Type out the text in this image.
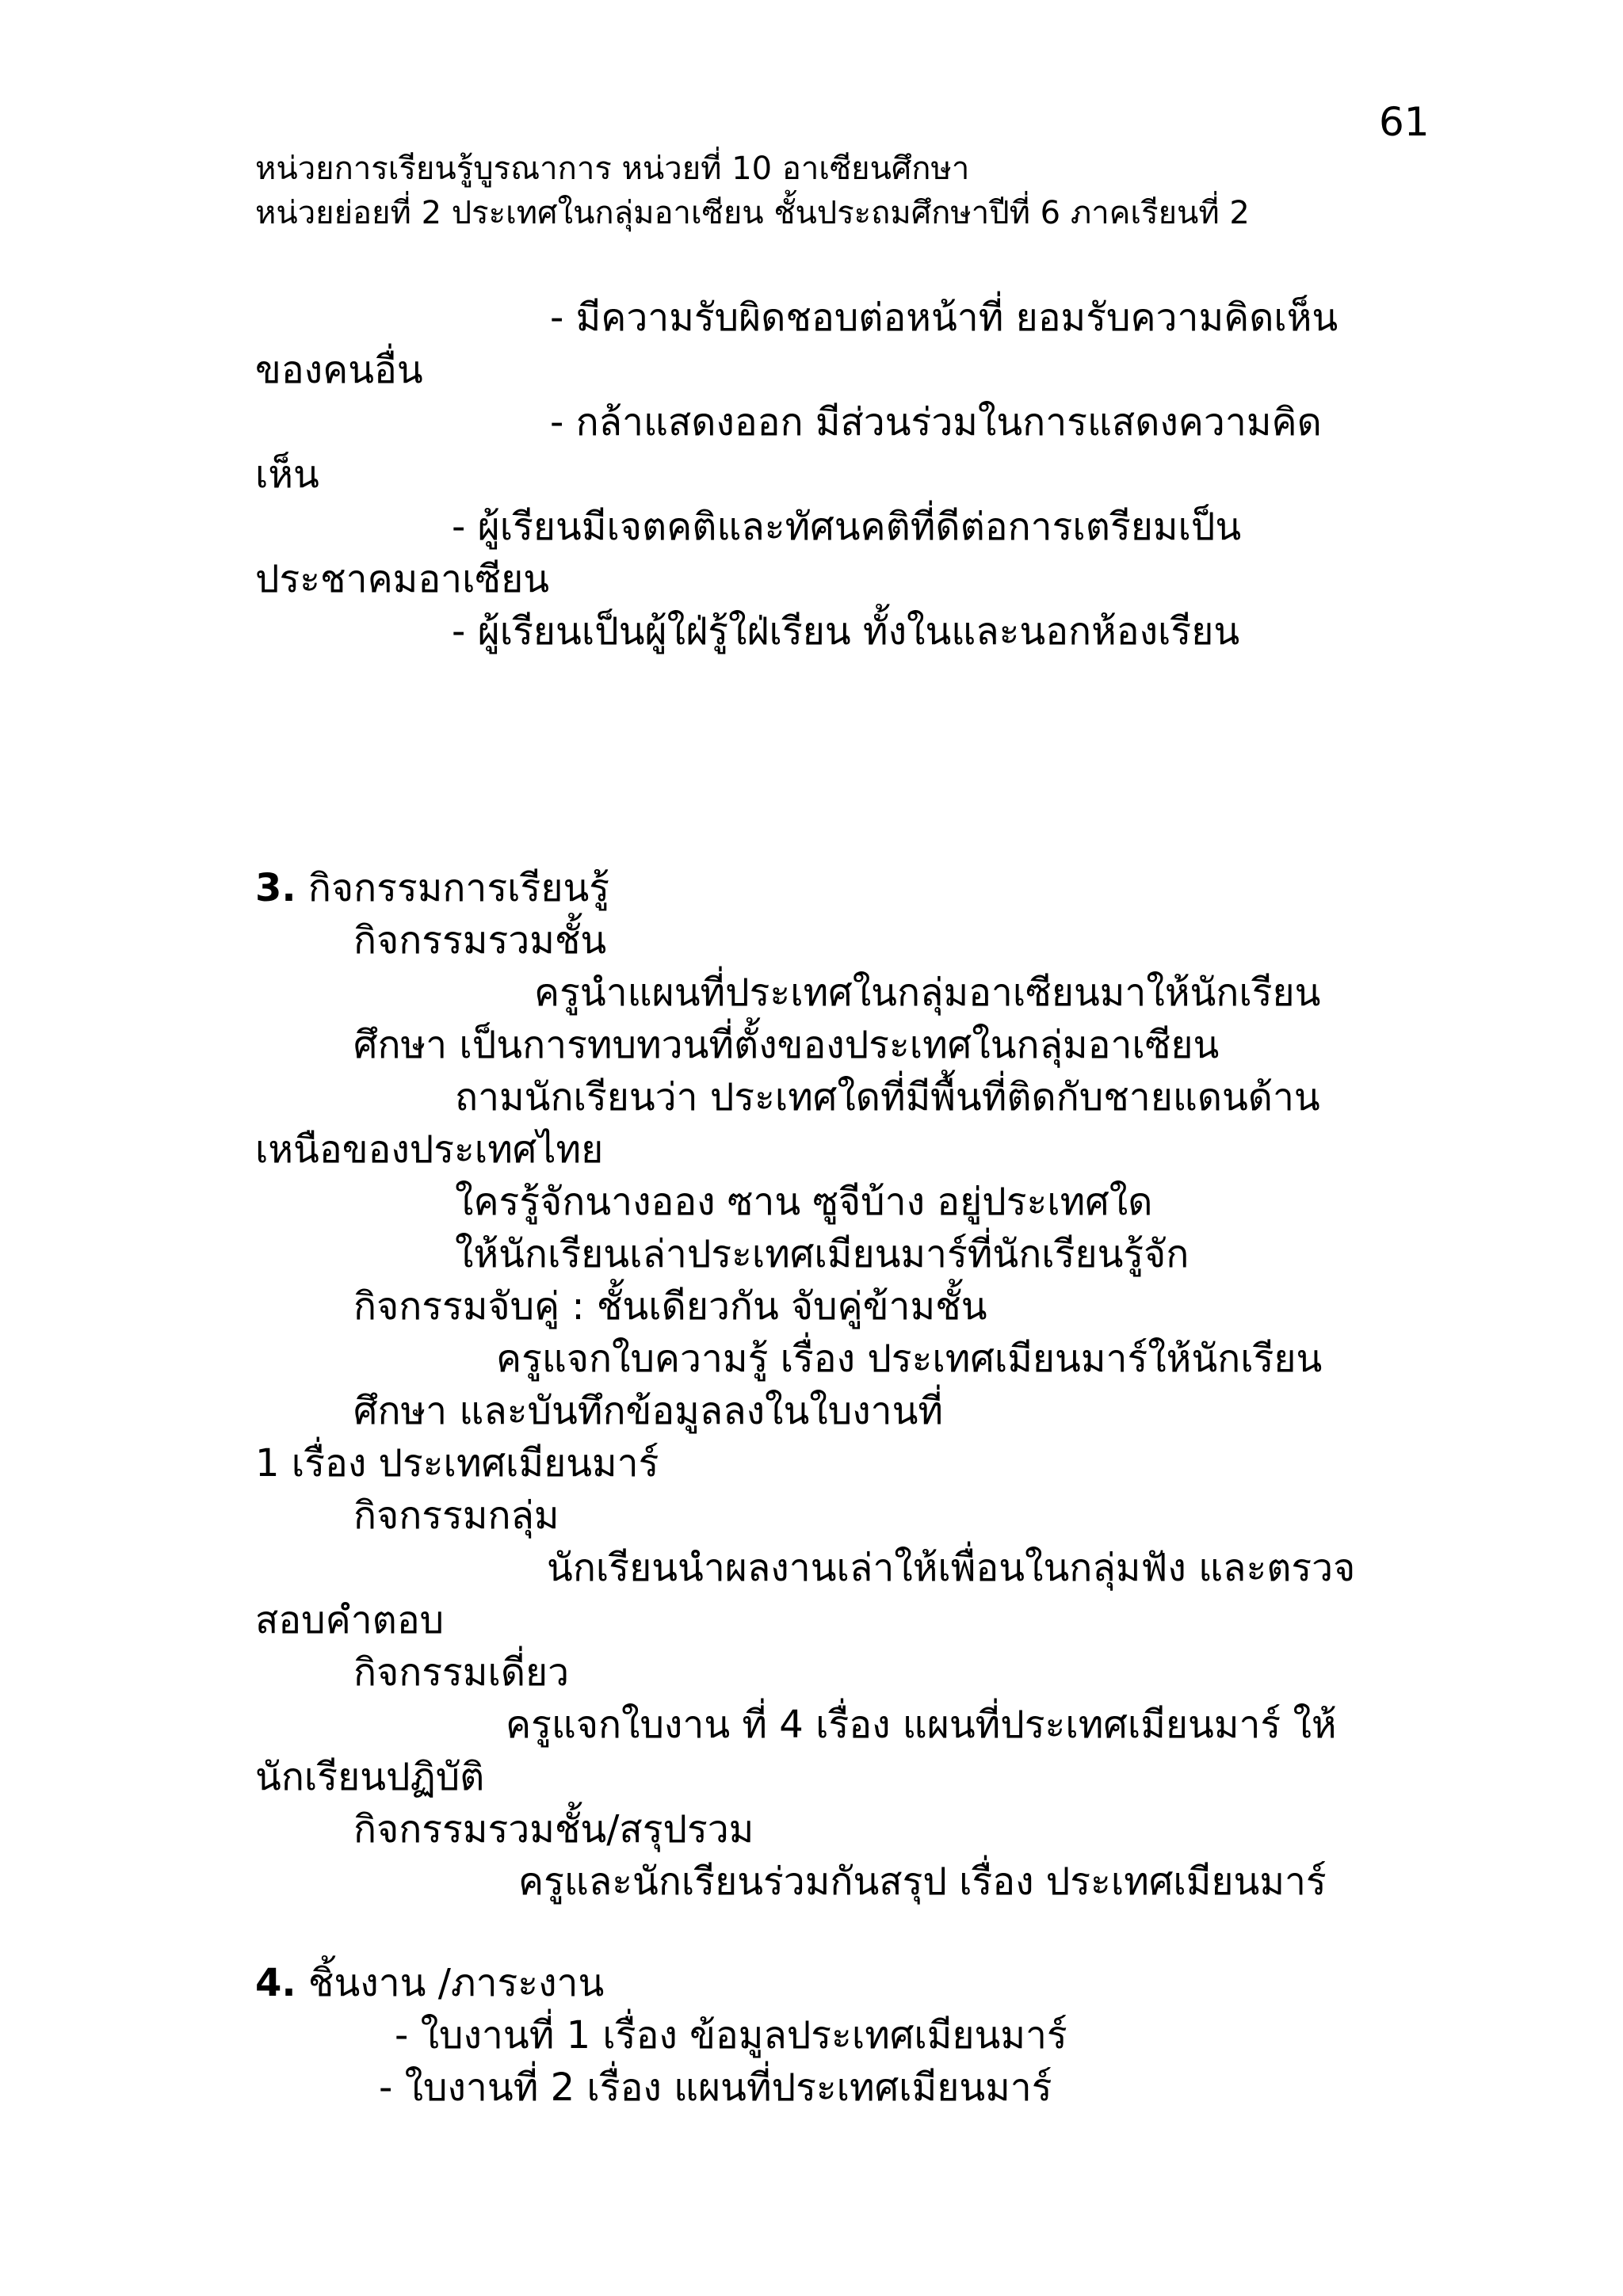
61
หน่วยการเรียนรู้บูรณาการ หน่วยที่ 10 อาเซียนศึกษา
หน่วยย่อยที่ 2 ประเทศในกลุ่มอาเซียน ชั้นประถมศึกษาปีที่ 6 ภาคเรียนที่ 2
- มีความรับผิดชอบต่อหน้าที่ ยอมรับความคิดเห็น
ของคนอื่น
- กล้าแสดงออก มีส่วนร่วมในการแสดงความคิด
เห็น
- ผู้เรียนมีเจตคติและทัศนคติที่ดีต่อการเตรียมเป็น
ประชาคมอาเซียน
- ผู้เรียนเป็นผู้ใฝ่รู้ใฝ่เรียน ทั้งในและนอกห้องเรียน
3. กิจกรรมการเรียนรู้
กิจกรรมรวมชั้น
ครูนำแผนที่ประเทศในกลุ่มอาเซียนมาให้นักเรียน
ศึกษา เป็นการทบทวนที่ตั้งของประเทศในกลุ่มอาเซียน
ถามนักเรียนว่า ประเทศใดที่มีพื้นที่ติดกับชายแดนด้าน
เหนือของประเทศไทย
ใครรู้จักนางออง ซาน ซูจีบ้าง อยู่ประเทศใด
ให้นักเรียนเล่าประเทศเมียนมาร์ที่นักเรียนรู้จัก
กิจกรรมจับคู่ : ชั้นเดียวกัน จับคู่ข้ามชั้น
ครูแจกใบความรู้ เรื่อง ประเทศเมียนมาร์ให้นักเรียน
ศึกษา และบันทึกข้อมูลลงในใบงานที่
1 เรื่อง ประเทศเมียนมาร์
กิจกรรมกลุ่ม
นักเรียนนำผลงานเล่าให้เพื่อนในกลุ่มฟัง และตรวจ
สอบคำตอบ
กิจกรรมเดี่ยว
ครูแจกใบงาน ที่ 4 เรื่อง แผนที่ประเทศเมียนมาร์ ให้
นักเรียนปฏิบัติ
กิจกรรมรวมชั้น/สรุปรวม
ครูและนักเรียนร่วมกันสรุป เรื่อง ประเทศเมียนมาร์
4. ชิ้นงาน /ภาระงาน
- ใบงานที่ 1 เรื่อง ข้อมูลประเทศเมียนมาร์
- ใบงานที่ 2 เรื่อง แผนที่ประเทศเมียนมาร์
